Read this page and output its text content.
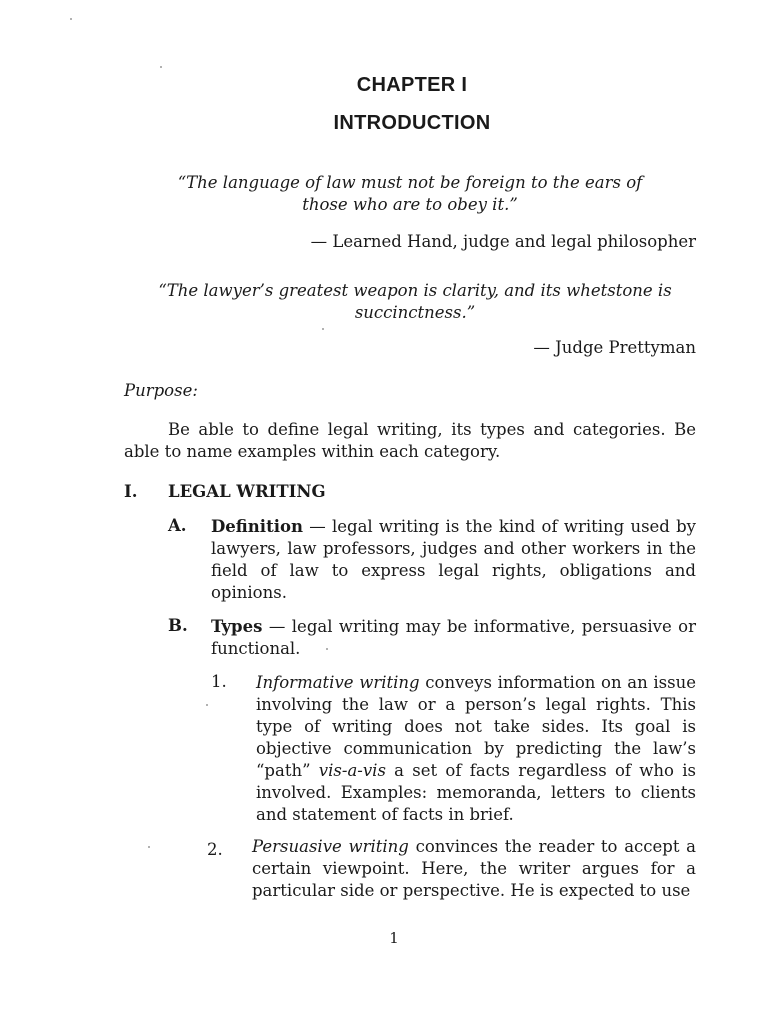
CHAPTER I
INTRODUCTION
“The language of law must not be foreign to the ears of those who are to obey it.”
— Learned Hand, judge and legal philosopher
“The lawyer’s greatest weapon is clarity, and its whetstone is succinctness.”
— Judge Prettyman
Purpose:
Be able to define legal writing, its types and categories. Be able to name examples within each category.
I. LEGAL WRITING
A. Definition — legal writing is the kind of writing used by lawyers, law professors, judges and other workers in the field of law to express legal rights, obligations and opinions.
B. Types — legal writing may be informative, persuasive or functional.
1. Informative writing conveys information on an issue involving the law or a person’s legal rights. This type of writing does not take sides. Its goal is objective communication by predicting the law’s “path” vis-a-vis a set of facts regardless of who is involved. Examples: memoranda, letters to clients and statement of facts in brief.
2. Persuasive writing convinces the reader to accept a certain viewpoint. Here, the writer argues for a particular side or perspective. He is expected to use
1
